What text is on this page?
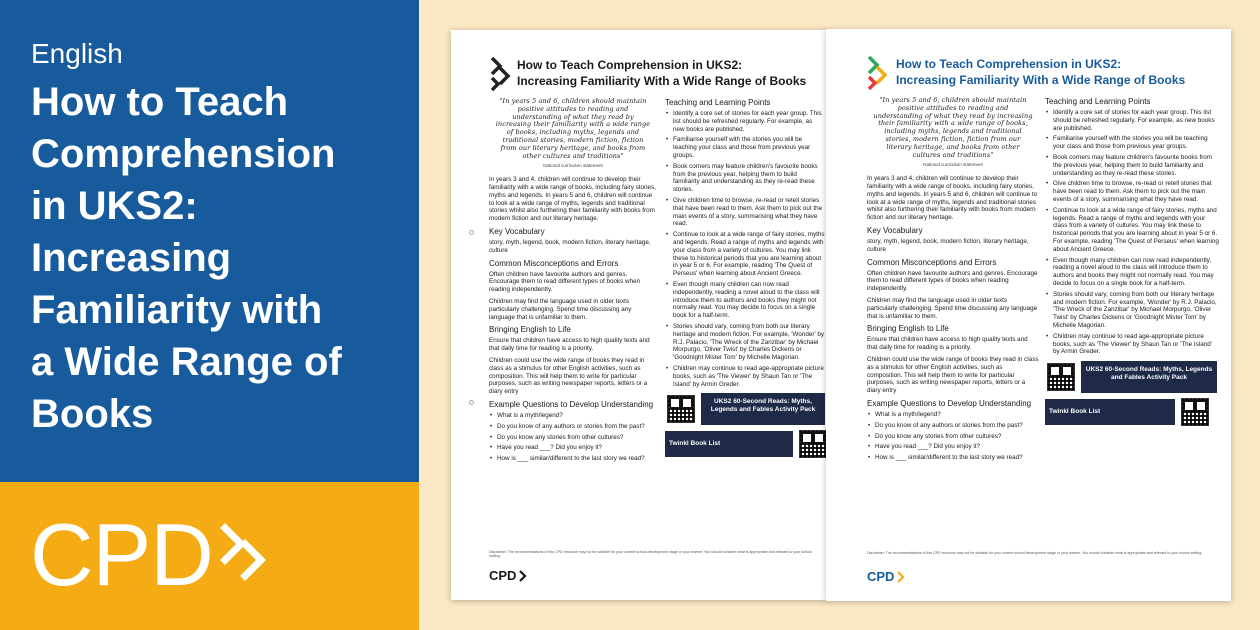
English
How to Teach
Comprehension
in UKS2:
Increasing
Familiarity with
a Wide Range of
Books
CPD
How to Teach Comprehension in UKS2:
Increasing Familiarity With a Wide Range of Books
"In years 5 and 6, children should maintain positive attitudes to reading and understanding of what they read by increasing their familiarity with a wide range of books, including myths, legends and traditional stories, modern fiction, fiction from our literary heritage, and books from other cultures and traditions"
National curriculum statement
In years 3 and 4, children will continue to develop their familiarity with a wide range of books, including fairy stories, myths and legends. In years 5 and 6, children will continue to look at a wide range of myths, legends and traditional stories whilst also furthering their familiarity with books from modern fiction and our literary heritage.
Key Vocabulary
story, myth, legend, book, modern fiction, literary heritage, culture
Common Misconceptions and Errors
Often children have favourite authors and genres. Encourage them to read different types of books when reading independently.
Children may find the language used in older texts particularly challenging. Spend time discussing any language that is unfamiliar to them.
Bringing English to Life
Ensure that children have access to high quality texts and that daily time for reading is a priority.
Children could use the wide range of books they read in class as a stimulus for other English activities, such as composition. This will help them to write for particular purposes, such as writing newspaper reports, letters or a diary entry
Example Questions to Develop Understanding
• What is a myth/legend?
• Do you know of any authors or stories from the past?
• Do you know any stories from other cultures?
• Have you read ___? Did you enjoy it?
• How is ___ similar/different to the last story we read?
Teaching and Learning Points
• Identify a core set of stories for each year group. This list should be refreshed regularly. For example, as new books are published.
• Familiarise yourself with the stories you will be teaching your class and those from previous year groups.
• Book corners may feature children's favourite books from the previous year, helping them to build familiarity and understanding as they re-read these stories.
• Give children time to browse, re-read or retell stories that have been read to them. Ask them to pick out the main events of a story, summarising what they have read.
• Continue to look at a wide range of fairy stories, myths and legends. Read a range of myths and legends with your class from a variety of cultures. You may link these to historical periods that you are learning about in year 5 or 6. For example, reading 'The Quest of Perseus' when learning about Ancient Greece.
• Even though many children can now read independently, reading a novel aloud to the class will introduce them to authors and books they might not normally read. You may decide to focus on a single book for a half-term.
• Stories should vary, coming from both our literary heritage and modern fiction. For example, 'Wonder' by R.J. Palacio, 'The Wreck of the Zanzibar' by Michael Morpurgo, 'Oliver Twist' by Charles Dickens or 'Goodnight Mister Tom' by Michelle Magorian.
• Children may continue to read age-appropriate picture books, such as 'The Viewer' by Shaun Tan or 'The Island' by Armin Greder.
UKS2 60-Second Reads: Myths, Legends and Fables Activity Pack
Twinkl Book List
Disclaimer: The recommendations of this CPD resource may not be suitable for your current school development stage or your learner. You should consider what is appropriate and relevant to your school setting.
CPD
How to Teach Comprehension in UKS2:
Increasing Familiarity With a Wide Range of Books
"In years 5 and 6, children should maintain positive attitudes to reading and understanding of what they read by increasing their familiarity with a wide range of books, including myths, legends and traditional stories, modern fiction, fiction from our literary heritage, and books from other cultures and traditions"
National curriculum statement
In years 3 and 4, children will continue to develop their familiarity with a wide range of books, including fairy stories, myths and legends. In years 5 and 6, children will continue to look at a wide range of myths, legends and traditional stories whilst also furthering their familiarity with books from modern fiction and our literary heritage.
Key Vocabulary
story, myth, legend, book, modern fiction, literary heritage, culture
Common Misconceptions and Errors
Often children have favourite authors and genres. Encourage them to read different types of books when reading independently.
Children may find the language used in older texts particularly challenging. Spend time discussing any language that is unfamiliar to them.
Bringing English to Life
Ensure that children have access to high quality texts and that daily time for reading is a priority.
Children could use the wide range of books they read in class as a stimulus for other English activities, such as composition. This will help them to write for particular purposes, such as writing newspaper reports, letters or a diary entry
Example Questions to Develop Understanding
• What is a myth/legend?
• Do you know of any authors or stories from the past?
• Do you know any stories from other cultures?
• Have you read ___? Did you enjoy it?
• How is ___ similar/different to the last story we read?
Teaching and Learning Points
• Identify a core set of stories for each year group. This list should be refreshed regularly. For example, as new books are published.
• Familiarise yourself with the stories you will be teaching your class and those from previous year groups.
• Book corners may feature children's favourite books from the previous year, helping them to build familiarity and understanding as they re-read these stories.
• Give children time to browse, re-read or retell stories that have been read to them. Ask them to pick out the main events of a story, summarising what they have read.
• Continue to look at a wide range of fairy stories, myths and legends. Read a range of myths and legends with your class from a variety of cultures. You may link these to historical periods that you are learning about in year 5 or 6. For example, reading 'The Quest of Perseus' when learning about Ancient Greece.
• Even though many children can now read independently, reading a novel aloud to the class will introduce them to authors and books they might not normally read. You may decide to focus on a single book for a half-term.
• Stories should vary, coming from both our literary heritage and modern fiction. For example, 'Wonder' by R.J. Palacio, 'The Wreck of the Zanzibar' by Michael Morpurgo, 'Oliver Twist' by Charles Dickens or 'Goodnight Mister Tom' by Michelle Magorian.
• Children may continue to read age-appropriate picture books, such as 'The Viewer' by Shaun Tan or 'The Island' by Armin Greder.
UKS2 60-Second Reads: Myths, Legends and Fables Activity Pack
Twinkl Book List
Disclaimer: The recommendations of this CPD resource may not be suitable for your current school development stage or your learner. You should consider what is appropriate and relevant to your school setting.
CPD
